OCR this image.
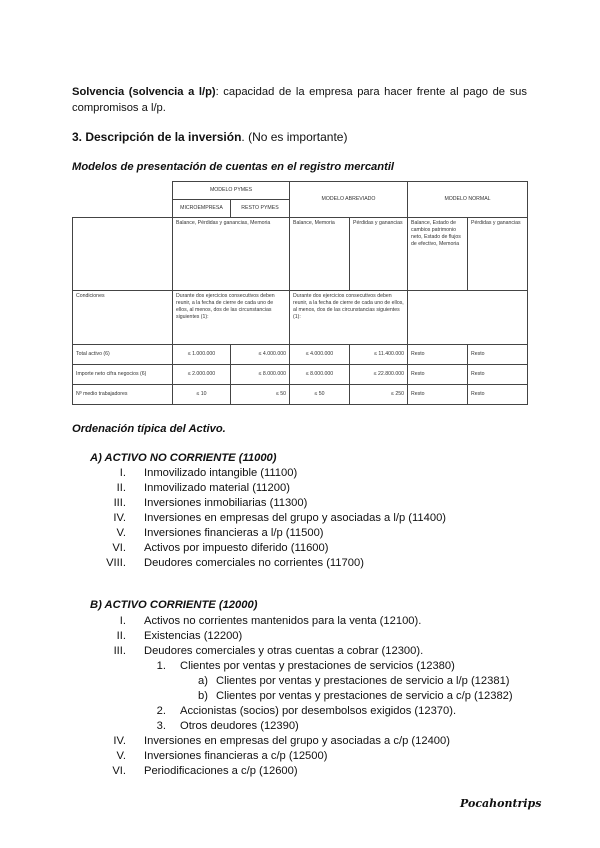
Solvencia (solvencia a l/p): capacidad de la empresa para hacer frente al pago de sus compromisos a l/p.
3. Descripción de la inversión. (No es importante)
Modelos de presentación de cuentas en el registro mercantil
	MODELO PYMES		MODELO ABREVIADO		MODELO NORMAL	
	MICROEMPRESA	RESTO PYMES				
	Balance, Pérdidas y ganancias, Memoria		Balance, Memoria	Pérdidas y ganancias	Balance, Estado de cambios patrimonio neto, Estado de flujos de efectivo, Memoria	Pérdidas y ganancias
Condiciones	Durante dos ejercicios consecutivos deben reunir, a la fecha de cierre de cada uno de ellos, al menos, dos de las circunstancias siguientes (1):		Durante dos ejercicios consecutivos deben reunir, a la fecha de cierre de cada uno de ellos, al menos, dos de las circunstancias siguientes (1):			
Total activo (6)	≤ 1.000.000	≤ 4.000.000	≤ 4.000.000	≤ 11.400.000	Resto	Resto
Importe neto cifra negocios (6)	≤ 2.000.000	≤ 8.000.000	≤ 8.000.000	≤ 22.800.000	Resto	Resto
Nº medio trabajadores	≤ 10	≤ 50	≤ 50	≤ 250	Resto	Resto
Ordenación típica del Activo.
A) ACTIVO NO CORRIENTE (11000)
I. Inmovilizado intangible (11100)
II. Inmovilizado material (11200)
III. Inversiones inmobiliarias (11300)
IV. Inversiones en empresas del grupo y asociadas a l/p (11400)
V. Inversiones financieras a l/p (11500)
VI. Activos por impuesto diferido (11600)
VIII. Deudores comerciales no corrientes (11700)
B) ACTIVO CORRIENTE (12000)
I. Activos no corrientes mantenidos para la venta (12100).
II. Existencias (12200)
III. Deudores comerciales y otras cuentas a cobrar (12300).
1. Clientes por ventas y prestaciones de servicios (12380)
a) Clientes por ventas y prestaciones de servicio a l/p (12381)
b) Clientes por ventas y prestaciones de servicio a c/p (12382)
2. Accionistas (socios) por desembolsos exigidos (12370).
3. Otros deudores (12390)
IV. Inversiones en empresas del grupo y asociadas a c/p (12400)
V. Inversiones financieras a c/p (12500)
VI. Periodificaciones a c/p (12600)
Pocahontrips
